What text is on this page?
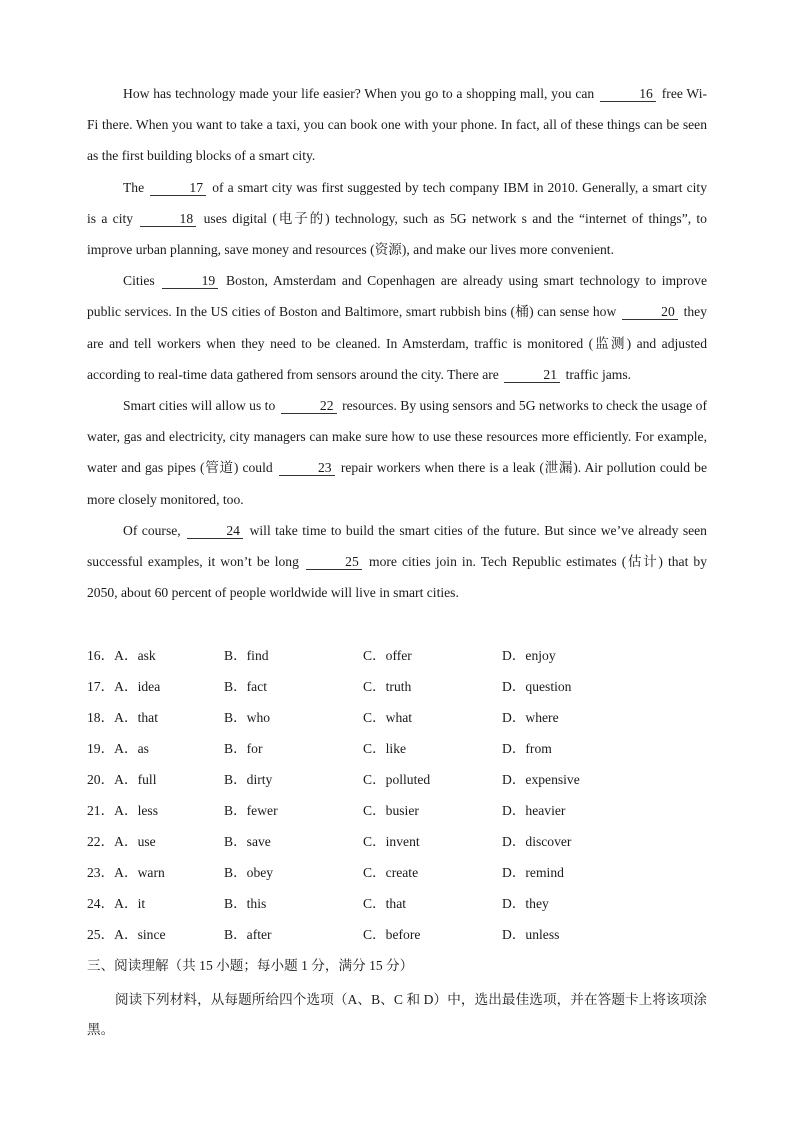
How has technology made your life easier? When you go to a shopping mall, you can	16 free Wi-Fi there. When you want to take a taxi, you can book one with your phone. In fact, all of these things can be seen as the first building blocks of a smart city.

The	17 of a smart city was first suggested by tech company IBM in 2010. Generally, a smart city is a city	18 uses digital (电子的) technology, such as 5G network s and the “internet of things”, to improve urban planning, save money and resources (资源), and make our lives more convenient.

Cities	19 Boston, Amsterdam and Copenhagen are already using smart technology to improve public services. In the US cities of Boston and Baltimore, smart rubbish bins (桶) can sense how	20 they are and tell workers when they need to be cleaned. In Amsterdam, traffic is monitored (监测) and adjusted according to real-time data gathered from sensors around the city. There are	21 traffic jams.

Smart cities will allow us to	22 resources. By using sensors and 5G networks to check the usage of water, gas and electricity, city managers can make sure how to use these resources more efficiently. For example, water and gas pipes (管道) could	23 repair workers when there is a leak (泄漏). Air pollution could be more closely monitored, too.

Of course,	24 will take time to build the smart cities of the future. But since we’ve already seen successful examples, it won’t be long	25 more cities join in. Tech Republic estimates (估计) that by 2050, about 60 percent of people worldwide will live in smart cities.

16．A．ask	B．find	C．offer	D．enjoy
17．A．idea	B．fact	C．truth	D．question
18．A．that	B．who	C．what	D．where
19．A．as	B．for	C．like	D．from
20．A．full	B．dirty	C．polluted	D．expensive
21．A．less	B．fewer	C．busier	D．heavier
22．A．use	B．save	C．invent	D．discover
23．A．warn	B．obey	C．create	D．remind
24．A．it	B．this	C．that	D．they
25．A．since	B．after	C．before	D．unless

三、阅读理解（共 15 小题；每小题 1 分，满分 15 分）

阅读下列材料，从每题所给四个选项（A、B、C 和 D）中，选出最佳选项，并在答题卡上将该项涂黑。
